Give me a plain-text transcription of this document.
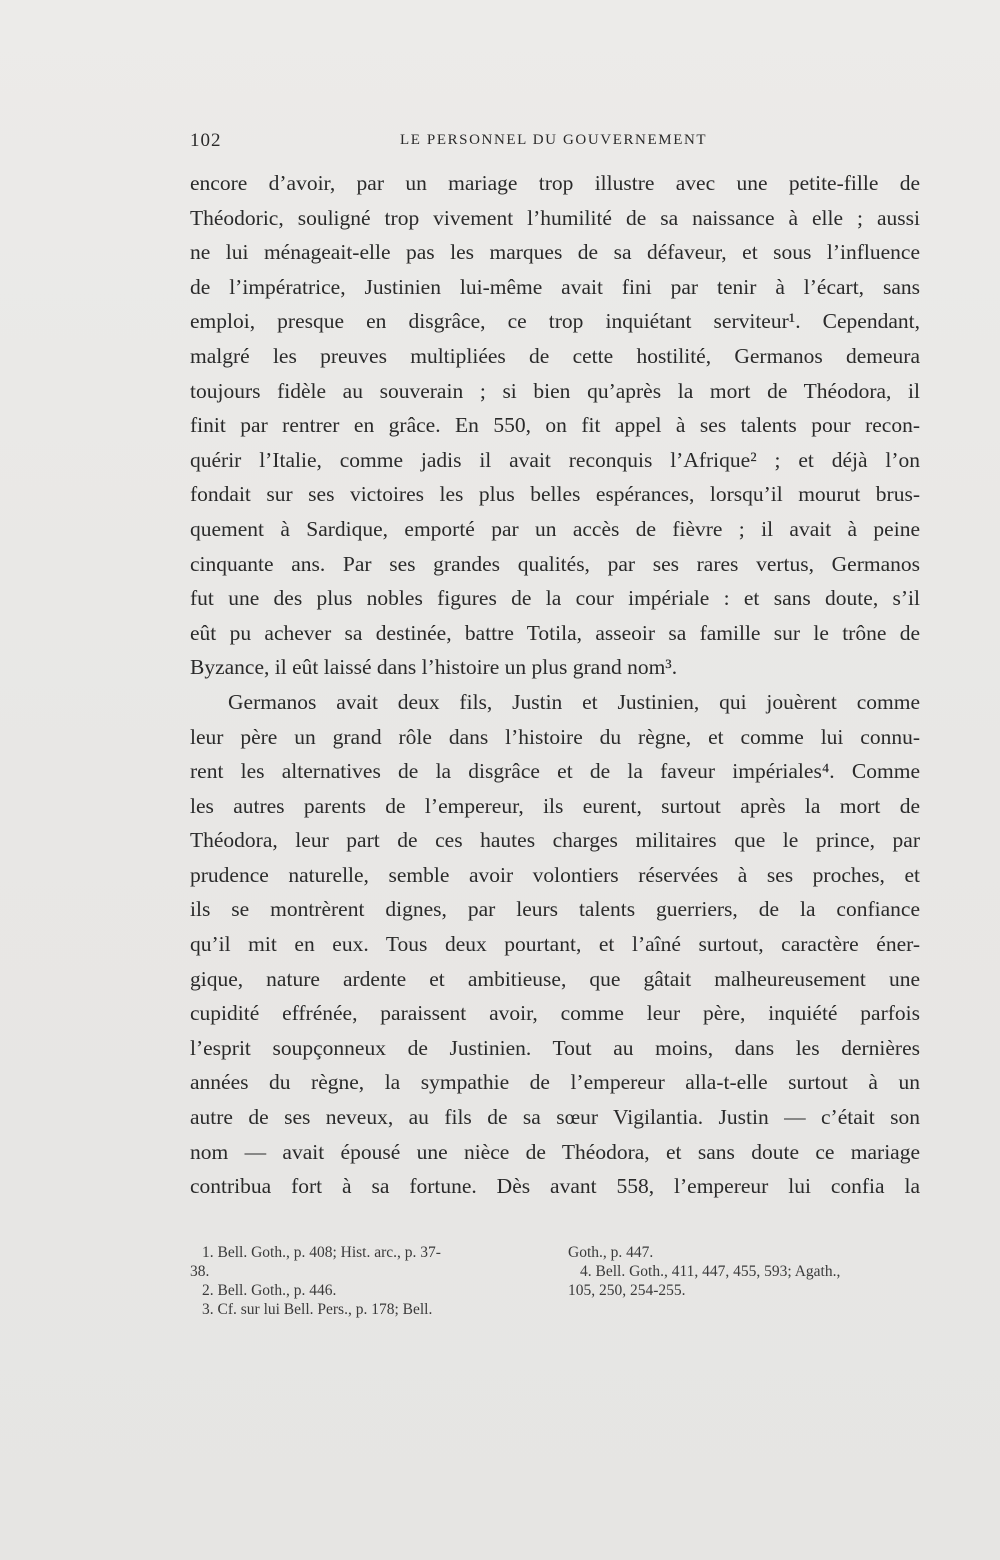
102	LE PERSONNEL DU GOUVERNEMENT
encore d’avoir, par un mariage trop illustre avec une petite-fille de
Théodoric, souligné trop vivement l’humilité de sa naissance à elle ; aussi
ne lui ménageait-elle pas les marques de sa défaveur, et sous l’influence
de l’impératrice, Justinien lui-même avait fini par tenir à l’écart, sans
emploi, presque en disgrâce, ce trop inquiétant serviteur¹. Cependant,
malgré les preuves multipliées de cette hostilité, Germanos demeura
toujours fidèle au souverain ; si bien qu’après la mort de Théodora, il
finit par rentrer en grâce. En 550, on fit appel à ses talents pour recon-
quérir l’Italie, comme jadis il avait reconquis l’Afrique² ; et déjà l’on
fondait sur ses victoires les plus belles espérances, lorsqu’il mourut brus-
quement à Sardique, emporté par un accès de fièvre ; il avait à peine
cinquante ans. Par ses grandes qualités, par ses rares vertus, Germanos
fut une des plus nobles figures de la cour impériale : et sans doute, s’il
eût pu achever sa destinée, battre Totila, asseoir sa famille sur le trône de
Byzance, il eût laissé dans l’histoire un plus grand nom³.
Germanos avait deux fils, Justin et Justinien, qui jouèrent comme
leur père un grand rôle dans l’histoire du règne, et comme lui connu-
rent les alternatives de la disgrâce et de la faveur impériales⁴. Comme
les autres parents de l’empereur, ils eurent, surtout après la mort de
Théodora, leur part de ces hautes charges militaires que le prince, par
prudence naturelle, semble avoir volontiers réservées à ses proches, et
ils se montrèrent dignes, par leurs talents guerriers, de la confiance
qu’il mit en eux. Tous deux pourtant, et l’aîné surtout, caractère éner-
gique, nature ardente et ambitieuse, que gâtait malheureusement une
cupidité effrénée, paraissent avoir, comme leur père, inquiété parfois
l’esprit soupçonneux de Justinien. Tout au moins, dans les dernières
années du règne, la sympathie de l’empereur alla-t-elle surtout à un
autre de ses neveux, au fils de sa sœur Vigilantia. Justin — c’était son
nom — avait épousé une nièce de Théodora, et sans doute ce mariage
contribua fort à sa fortune. Dès avant 558, l’empereur lui confia la
1. Bell. Goth., p. 408; Hist. arc., p. 37-
38.
2. Bell. Goth., p. 446.
3. Cf. sur lui Bell. Pers., p. 178; Bell.
Goth., p. 447.
4. Bell. Goth., 411, 447, 455, 593; Agath.,
105, 250, 254-255.
